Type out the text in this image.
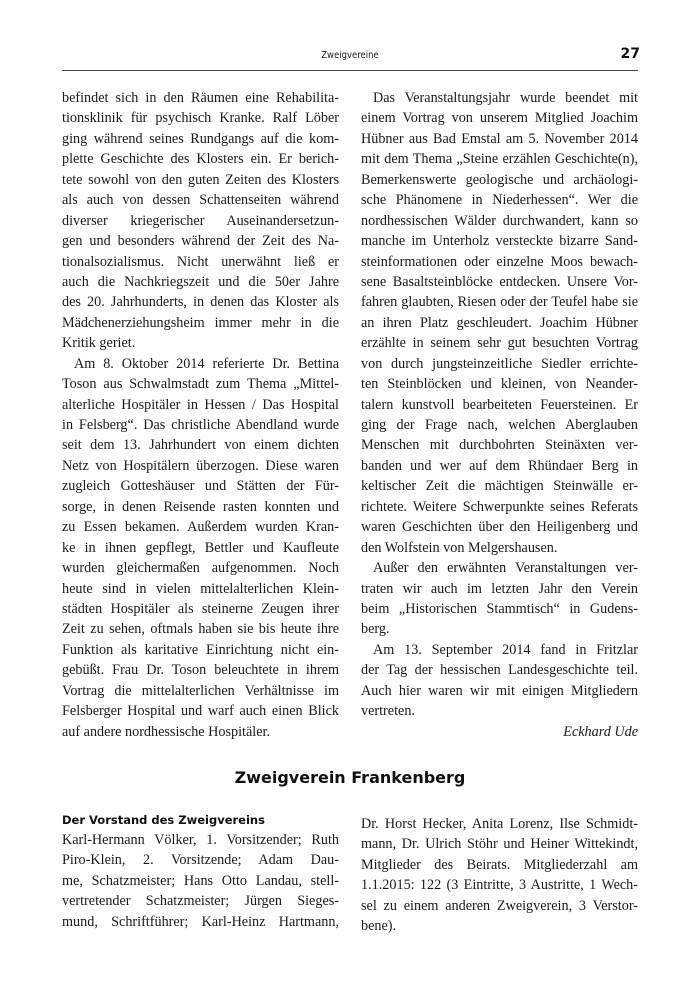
Zweigvereine	27
befindet sich in den Räumen eine Rehabilita-
tionsklinik für psychisch Kranke. Ralf Löber
ging während seines Rundgangs auf die kom-
plette Geschichte des Klosters ein. Er berich-
tete sowohl von den guten Zeiten des Klosters
als auch von dessen Schattenseiten während
diverser kriegerischer Auseinandersetzun-
gen und besonders während der Zeit des Na-
tionalsozialismus. Nicht unerwähnt ließ er
auch die Nachkriegszeit und die 50er Jahre
des 20. Jahrhunderts, in denen das Kloster als
Mädchenerziehungsheim immer mehr in die
Kritik geriet.
Am 8. Oktober 2014 referierte Dr. Bettina
Toson aus Schwalmstadt zum Thema „Mittel-
alterliche Hospitäler in Hessen / Das Hospital
in Felsberg“. Das christliche Abendland wurde
seit dem 13. Jahrhundert von einem dichten
Netz von Hospitälern überzogen. Diese waren
zugleich Gotteshäuser und Stätten der Für-
sorge, in denen Reisende rasten konnten und
zu Essen bekamen. Außerdem wurden Kran-
ke in ihnen gepflegt, Bettler und Kaufleute
wurden gleichermaßen aufgenommen. Noch
heute sind in vielen mittelalterlichen Klein-
städten Hospitäler als steinerne Zeugen ihrer
Zeit zu sehen, oftmals haben sie bis heute ihre
Funktion als karitative Einrichtung nicht ein-
gebüßt. Frau Dr. Toson beleuchtete in ihrem
Vortrag die mittelalterlichen Verhältnisse im
Felsberger Hospital und warf auch einen Blick
auf andere nordhessische Hospitäler.
Das Veranstaltungsjahr wurde beendet mit
einem Vortrag von unserem Mitglied Joachim
Hübner aus Bad Emstal am 5. November 2014
mit dem Thema „Steine erzählen Geschichte(n),
Bemerkenswerte geologische und archäologi-
sche Phänomene in Niederhessen“. Wer die
nordhessischen Wälder durchwandert, kann so
manche im Unterholz versteckte bizarre Sand-
steinformationen oder einzelne Moos bewach-
sene Basaltsteinblöcke entdecken. Unsere Vor-
fahren glaubten, Riesen oder der Teufel habe sie
an ihren Platz geschleudert. Joachim Hübner
erzählte in seinem sehr gut besuchten Vortrag
von durch jungsteinzeitliche Siedler errichte-
ten Steinblöcken und kleinen, von Neander-
talern kunstvoll bearbeiteten Feuersteinen. Er
ging der Frage nach, welchen Aberglauben
Menschen mit durchbohrten Steinäxten ver-
banden und wer auf dem Rhündaer Berg in
keltischer Zeit die mächtigen Steinwälle er-
richtete. Weitere Schwerpunkte seines Referats
waren Geschichten über den Heiligenberg und
den Wolfstein von Melgershausen.
Außer den erwähnten Veranstaltungen ver-
traten wir auch im letzten Jahr den Verein
beim „Historischen Stammtisch“ in Gudens-
berg.
Am 13. September 2014 fand in Fritzlar
der Tag der hessischen Landesgeschichte teil.
Auch hier waren wir mit einigen Mitgliedern
vertreten.
Eckhard Ude
Zweigverein Frankenberg
Der Vorstand des Zweigvereins
Karl-Hermann Völker, 1. Vorsitzender; Ruth
Piro-Klein, 2. Vorsitzende; Adam Dau-
me, Schatzmeister; Hans Otto Landau, stell-
vertretender Schatzmeister; Jürgen Sieges-
mund, Schriftführer; Karl-Heinz Hartmann,
Dr. Horst Hecker, Anita Lorenz, Ilse Schmidt-
mann, Dr. Ulrich Stöhr und Heiner Wittekindt,
Mitglieder des Beirats. Mitgliederzahl am
1.1.2015: 122 (3 Eintritte, 3 Austritte, 1 Wech-
sel zu einem anderen Zweigverein, 3 Verstor-
bene).
